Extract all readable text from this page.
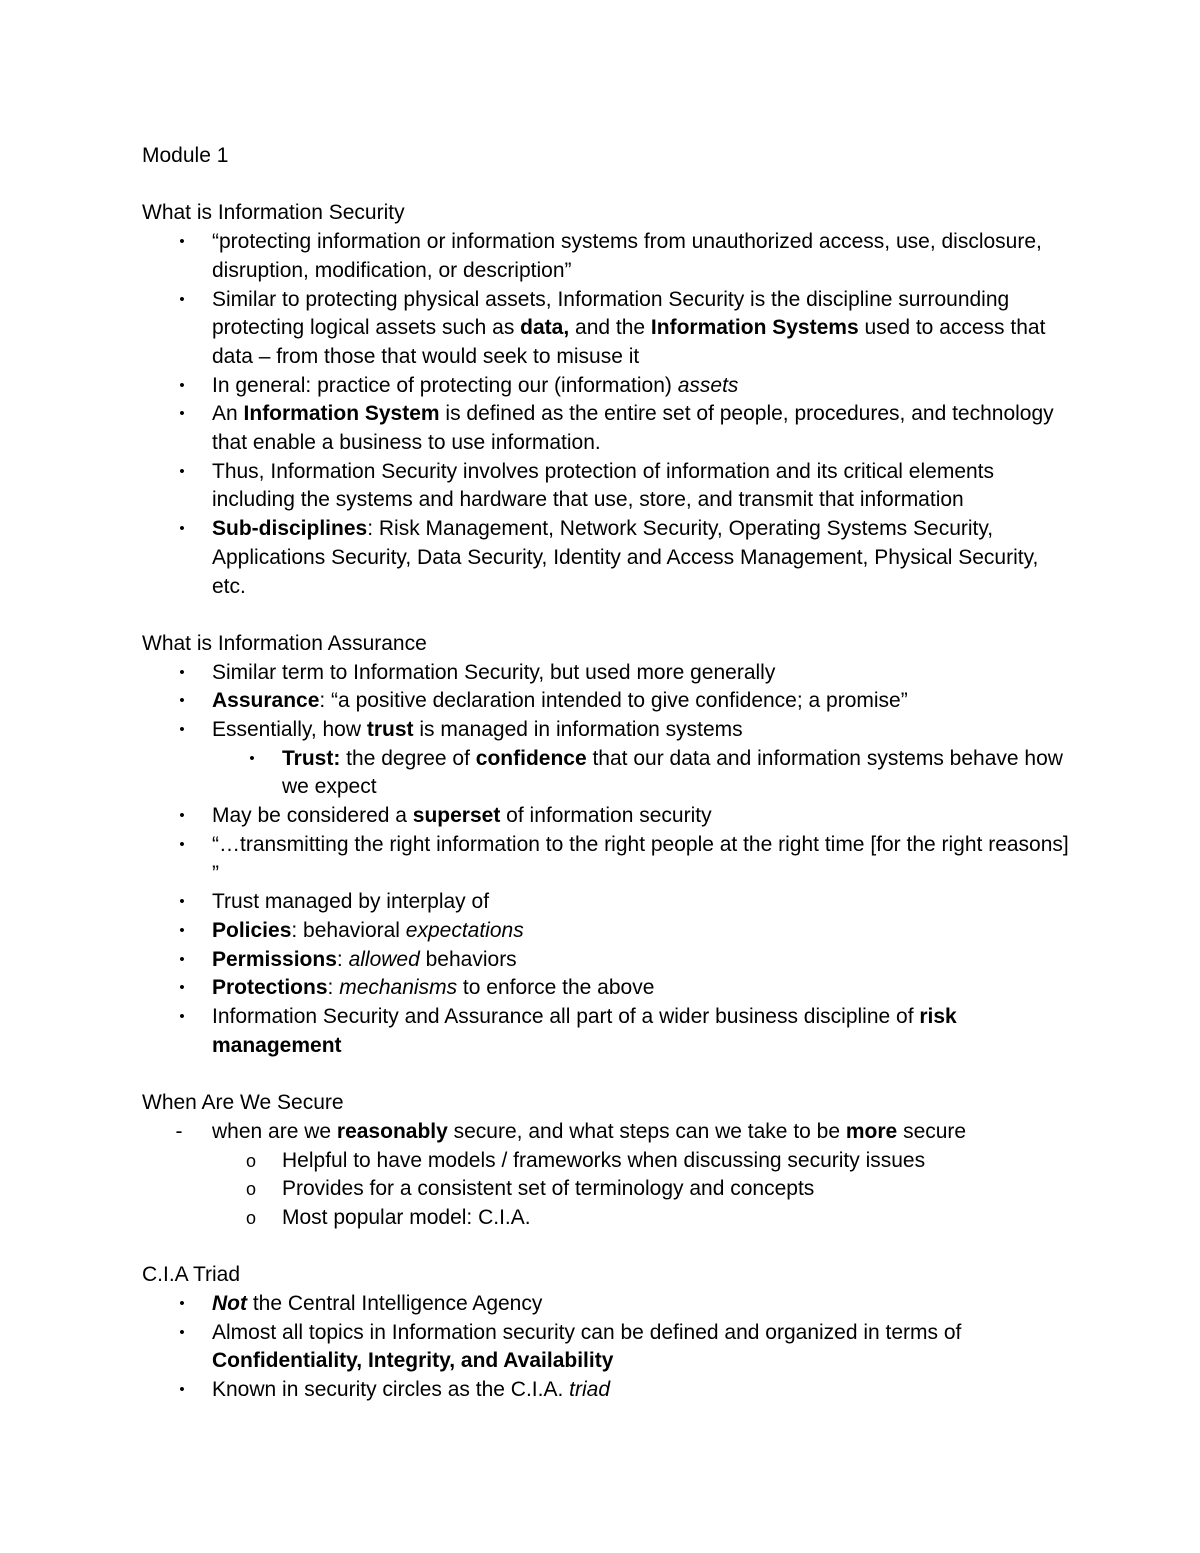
Module 1

What is Information Security

• “protecting information or information systems from unauthorized access, use, disclosure, disruption, modification, or description”
• Similar to protecting physical assets, Information Security is the discipline surrounding protecting logical assets such as data, and the Information Systems used to access that data – from those that would seek to misuse it
• In general: practice of protecting our (information) assets
• An Information System is defined as the entire set of people, procedures, and technology that enable a business to use information.
• Thus, Information Security involves protection of information and its critical elements including the systems and hardware that use, store, and transmit that information
• Sub-disciplines: Risk Management, Network Security, Operating Systems Security, Applications Security, Data Security, Identity and Access Management, Physical Security, etc.

What is Information Assurance

• Similar term to Information Security, but used more generally
• Assurance: “a positive declaration intended to give confidence; a promise”
• Essentially, how trust is managed in information systems
• Trust: the degree of confidence that our data and information systems behave how we expect
• May be considered a superset of information security
• “…transmitting the right information to the right people at the right time [for the right reasons] ”
• Trust managed by interplay of
• Policies: behavioral expectations
• Permissions: allowed behaviors
• Protections: mechanisms to enforce the above
• Information Security and Assurance all part of a wider business discipline of risk management

When Are We Secure

- when are we reasonably secure, and what steps can we take to be more secure
o Helpful to have models / frameworks when discussing security issues
o Provides for a consistent set of terminology and concepts
o Most popular model: C.I.A.

C.I.A Triad

• Not the Central Intelligence Agency
• Almost all topics in Information security can be defined and organized in terms of Confidentiality, Integrity, and Availability
• Known in security circles as the C.I.A. triad
